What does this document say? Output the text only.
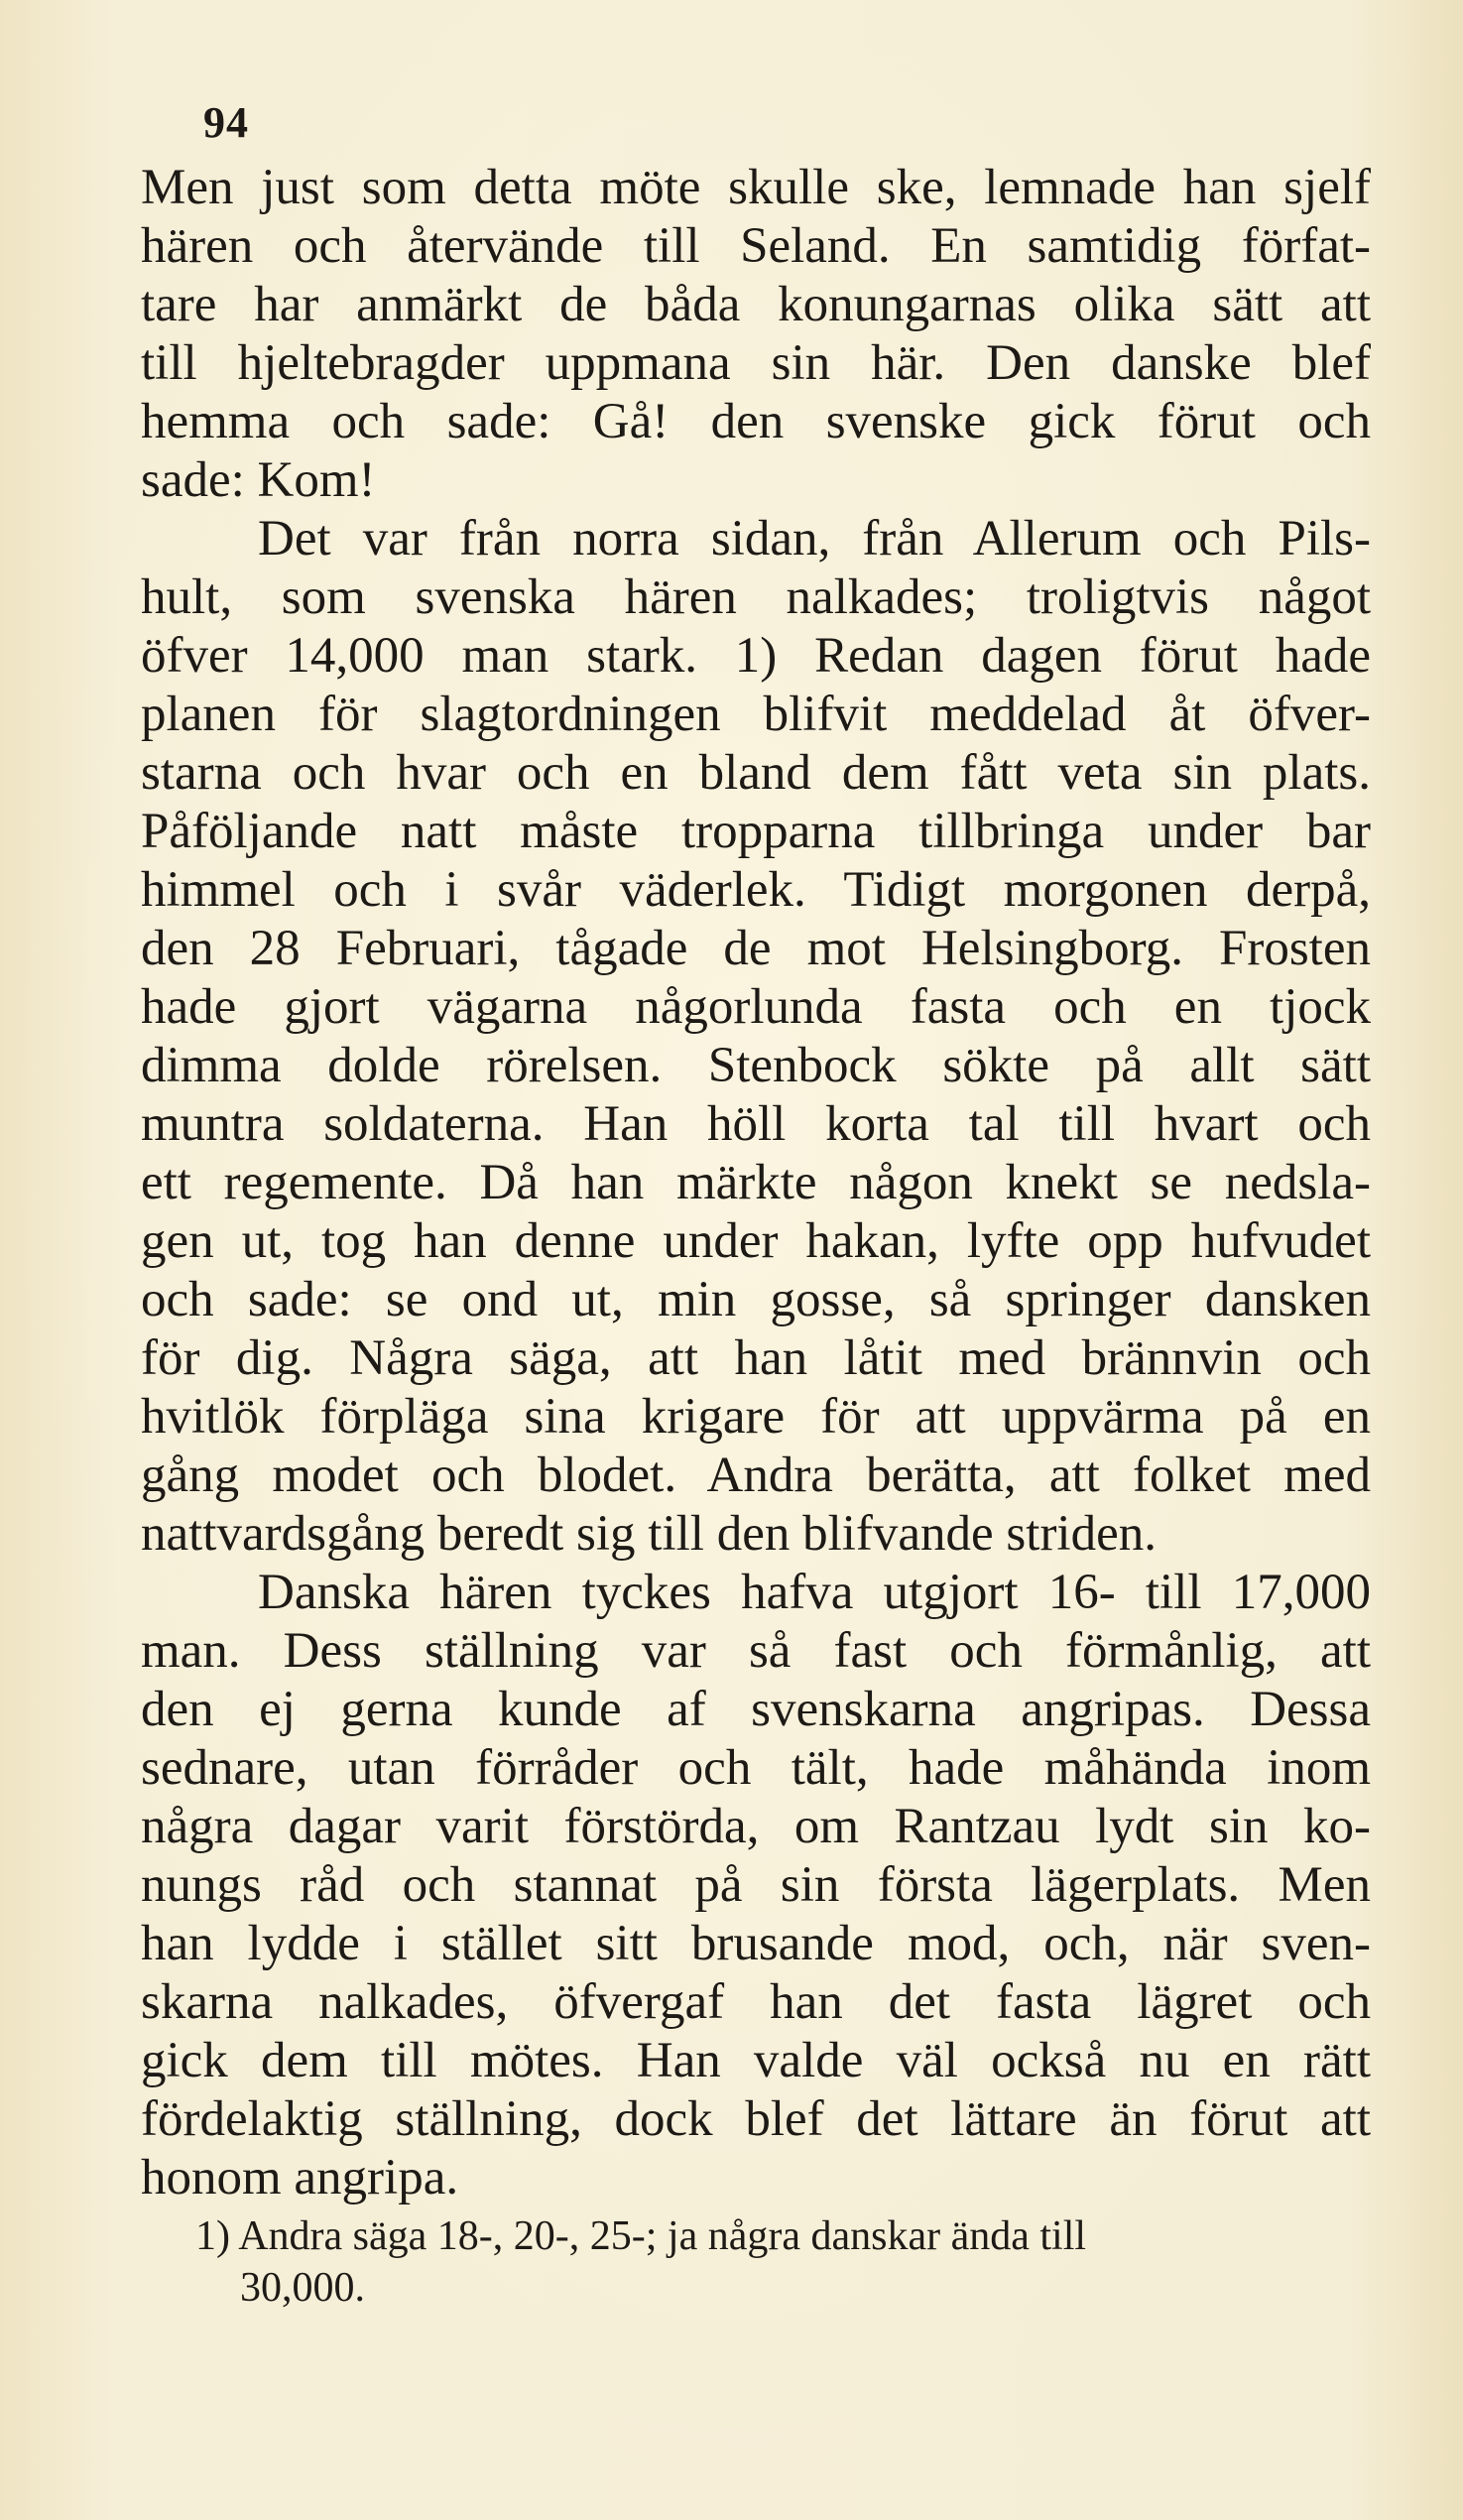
94
Men just som detta möte skulle ske, lemnade han sjelf
hären och återvände till Seland. En samtidig förfat-
tare har anmärkt de båda konungarnas olika sätt att
till hjeltebragder uppmana sin här. Den danske blef
hemma och sade: Gå! den svenske gick förut och
sade: Kom!
Det var från norra sidan, från Allerum och Pils-
hult, som svenska hären nalkades; troligtvis något
öfver 14,000 man stark. 1) Redan dagen förut hade
planen för slagtordningen blifvit meddelad åt öfver-
starna och hvar och en bland dem fått veta sin plats.
Påföljande natt måste tropparna tillbringa under bar
himmel och i svår väderlek. Tidigt morgonen derpå,
den 28 Februari, tågade de mot Helsingborg. Frosten
hade gjort vägarna någorlunda fasta och en tjock
dimma dolde rörelsen. Stenbock sökte på allt sätt
muntra soldaterna. Han höll korta tal till hvart och
ett regemente. Då han märkte någon knekt se nedsla-
gen ut, tog han denne under hakan, lyfte opp hufvudet
och sade: se ond ut, min gosse, så springer dansken
för dig. Några säga, att han låtit med brännvin och
hvitlök förpläga sina krigare för att uppvärma på en
gång modet och blodet. Andra berätta, att folket med
nattvardsgång beredt sig till den blifvande striden.
Danska hären tyckes hafva utgjort 16- till 17,000
man. Dess ställning var så fast och förmånlig, att
den ej gerna kunde af svenskarna angripas. Dessa
sednare, utan förråder och tält, hade måhända inom
några dagar varit förstörda, om Rantzau lydt sin ko-
nungs råd och stannat på sin första lägerplats. Men
han lydde i stället sitt brusande mod, och, när sven-
skarna nalkades, öfvergaf han det fasta lägret och
gick dem till mötes. Han valde väl också nu en rätt
fördelaktig ställning, dock blef det lättare än förut att
honom angripa.
1) Andra säga 18-, 20-, 25-; ja några danskar ända till
30,000.
